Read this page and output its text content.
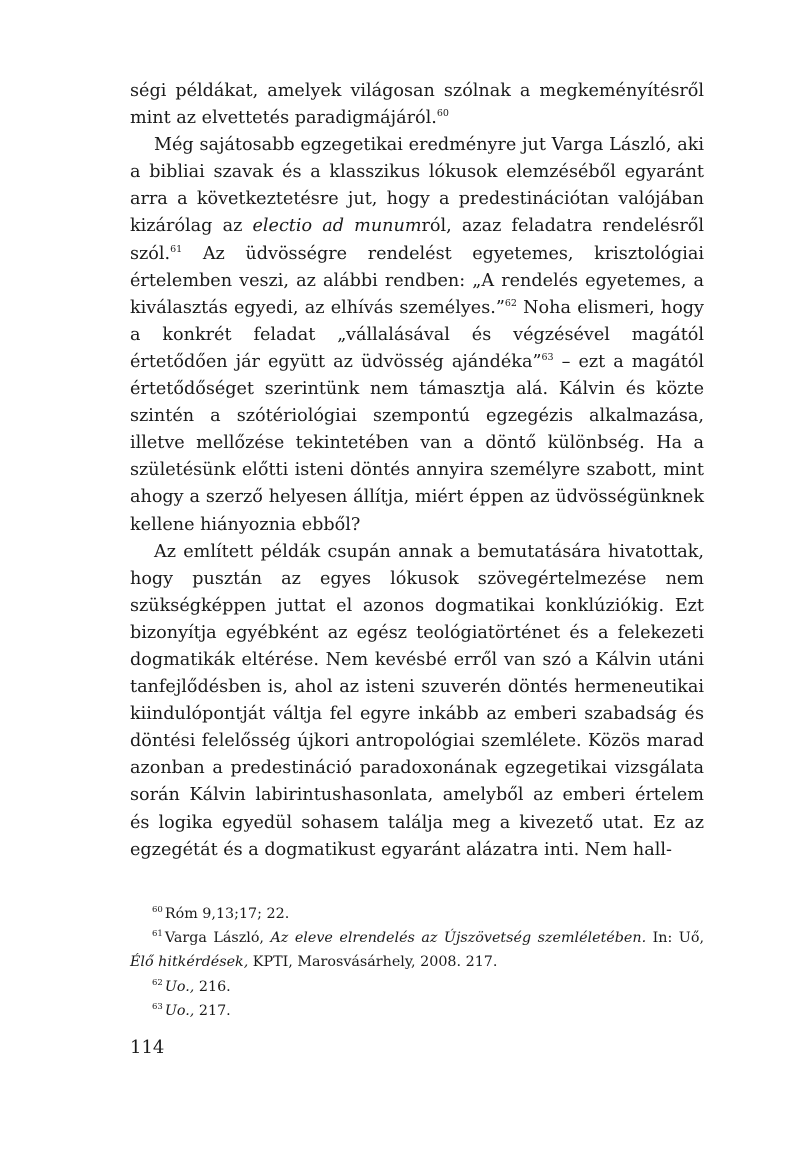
ségi példákat, amelyek világosan szólnak a megkeményítésről mint az elvettetés paradigmájáról.$^{60}$

Még sajátosabb egzegetikai eredményre jut Varga László, aki a bibliai szavak és a klasszikus lókusok elemzéséből egyaránt arra a következtetésre jut, hogy a predestinációtan valójában kizárólag az electio ad munumról, azaz feladatra rendelésről szól.$^{61}$ Az üdvösségre rendelést egyetemes, krisztológiai értelemben veszi, az alábbi rendben: „A rendelés egyetemes, a kiválasztás egyedi, az elhívás személyes.”$^{62}$ Noha elismeri, hogy a konkrét feladat „vállalásával és végzésével magától értetődően jár együtt az üdvösség ajándéka”$^{63}$ – ezt a magától értetődőséget szerintünk nem támasztja alá. Kálvin és közte szintén a szótériológiai szempontú egzegézis alkalmazása, illetve mellőzése tekintetében van a döntő különbség. Ha a születésünk előtti isteni döntés annyira személyre szabott, mint ahogy a szerző helyesen állítja, miért éppen az üdvösségünknek kellene hiányoznia ebből?

Az említett példák csupán annak a bemutatására hivatottak, hogy pusztán az egyes lókusok szövegértelmezése nem szükségképpen juttat el azonos dogmatikai konklúziókig. Ezt bizonyítja egyébként az egész teológiatörténet és a felekezeti dogmatikák eltérése. Nem kevésbé erről van szó a Kálvin utáni tanfejlődésben is, ahol az isteni szuverén döntés hermeneutikai kiindulópontját váltja fel egyre inkább az emberi szabadság és döntési felelősség újkori antropológiai szemlélete. Közös marad azonban a predestináció paradoxonának egzegetikai vizsgálata során Kálvin labirintushasonlata, amelyből az emberi értelem és logika egyedül sohasem találja meg a kivezető utat. Ez az egzegétát és a dogmatikust egyaránt alázatra inti. Nem hall-

$^{60}$ Róm 9,13;17; 22.

$^{61}$ Varga László, Az eleve elrendelés az Újszövetség szemléletében. In: Uő, Élő hitkérdések, KPTI, Marosvásárhely, 2008. 217.

$^{62}$ Uo., 216.

$^{63}$ Uo., 217.

114
